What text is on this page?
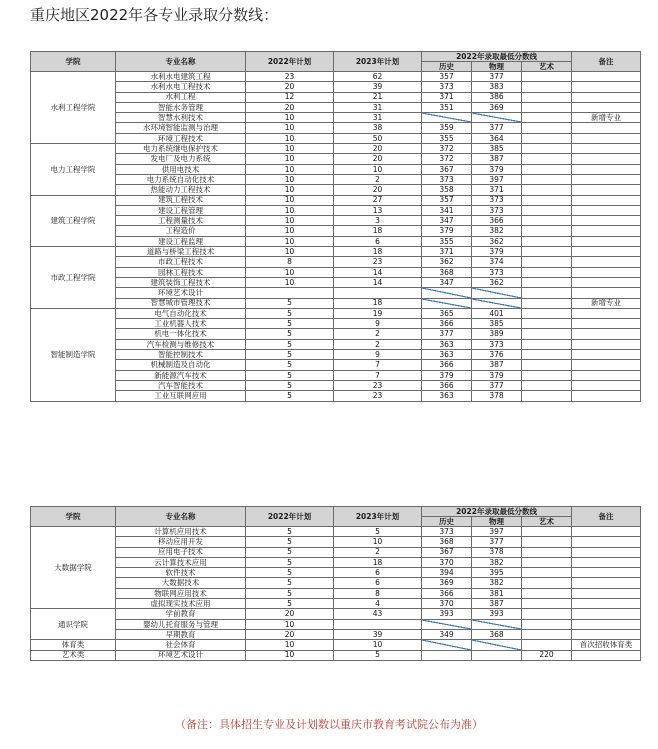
重庆地区2022年各专业录取分数线：
学院	专业名称	2022年计划	2023年计划	2022年录取最低分数线			备注
				历史	物理	艺术	
水利工程学院	水利水电建筑工程	23	62	357	377		
	水利水电工程技术	20	39	373	383		
	水利工程	12	21	371	386		
	智能水务管理	20	31	351	369		
	智慧水利技术	10	31				新增专业
	水环境智能监测与治理	10	38	359	377		
	环境工程技术	10	50	355	364		
电力工程学院	电力系统继电保护技术	10	20	372	385		
	发电厂及电力系统	10	20	372	387		
	供用电技术	10	10	367	379		
	电力系统自动化技术	10	2	373	397		
	热能动力工程技术	10	20	358	371		
建筑工程学院	建筑工程技术	10	27	357	373		
	建设工程管理	10	13	341	373		
	工程测量技术	10	3	347	366		
	工程造价	10	18	379	382		
	建设工程监理	10	6	355	362		
市政工程学院	道路与桥梁工程技术	10	18	371	379		
	市政工程技术	8	23	362	374		
	园林工程技术	10	14	368	373		
	建筑装饰工程技术	10	14	347	362		
	环境艺术设计						
	智慧城市管理技术	5	18				新增专业
智能制造学院	电气自动化技术	5	19	365	401		
	工业机器人技术	5	9	366	385		
	机电一体化技术	5	2	377	389		
	汽车检测与维修技术	5	2	363	373		
	智能控制技术	5	9	363	376		
	机械制造及自动化	5	7	366	387		
	新能源汽车技术	5	7	379	379		
	汽车智能技术	5	23	366	377		
	工业互联网应用	5	23	363	378		
学院	专业名称	2022年计划	2023年计划	2022年录取最低分数线			备注
				历史	物理	艺术	
大数据学院	计算机应用技术	5	5	373	397		
	移动应用开发	5	10	368	377		
	应用电子技术	5	2	367	378		
	云计算技术应用	5	18	370	382		
	软件技术	5	6	394	395		
	大数据技术	5	6	369	382		
	物联网应用技术	5	8	366	381		
	虚拟现实技术应用	5	4	370	387		
通识学院	学前教育	20	43	393	393		
	婴幼儿托育服务与管理	10					
	早期教育	20	39	349	368		
体育类	社会体育	10	10				首次招收体育类
艺术类	环境艺术设计	10	5			220	
（备注：具体招生专业及计划数以重庆市教育考试院公布为准）
